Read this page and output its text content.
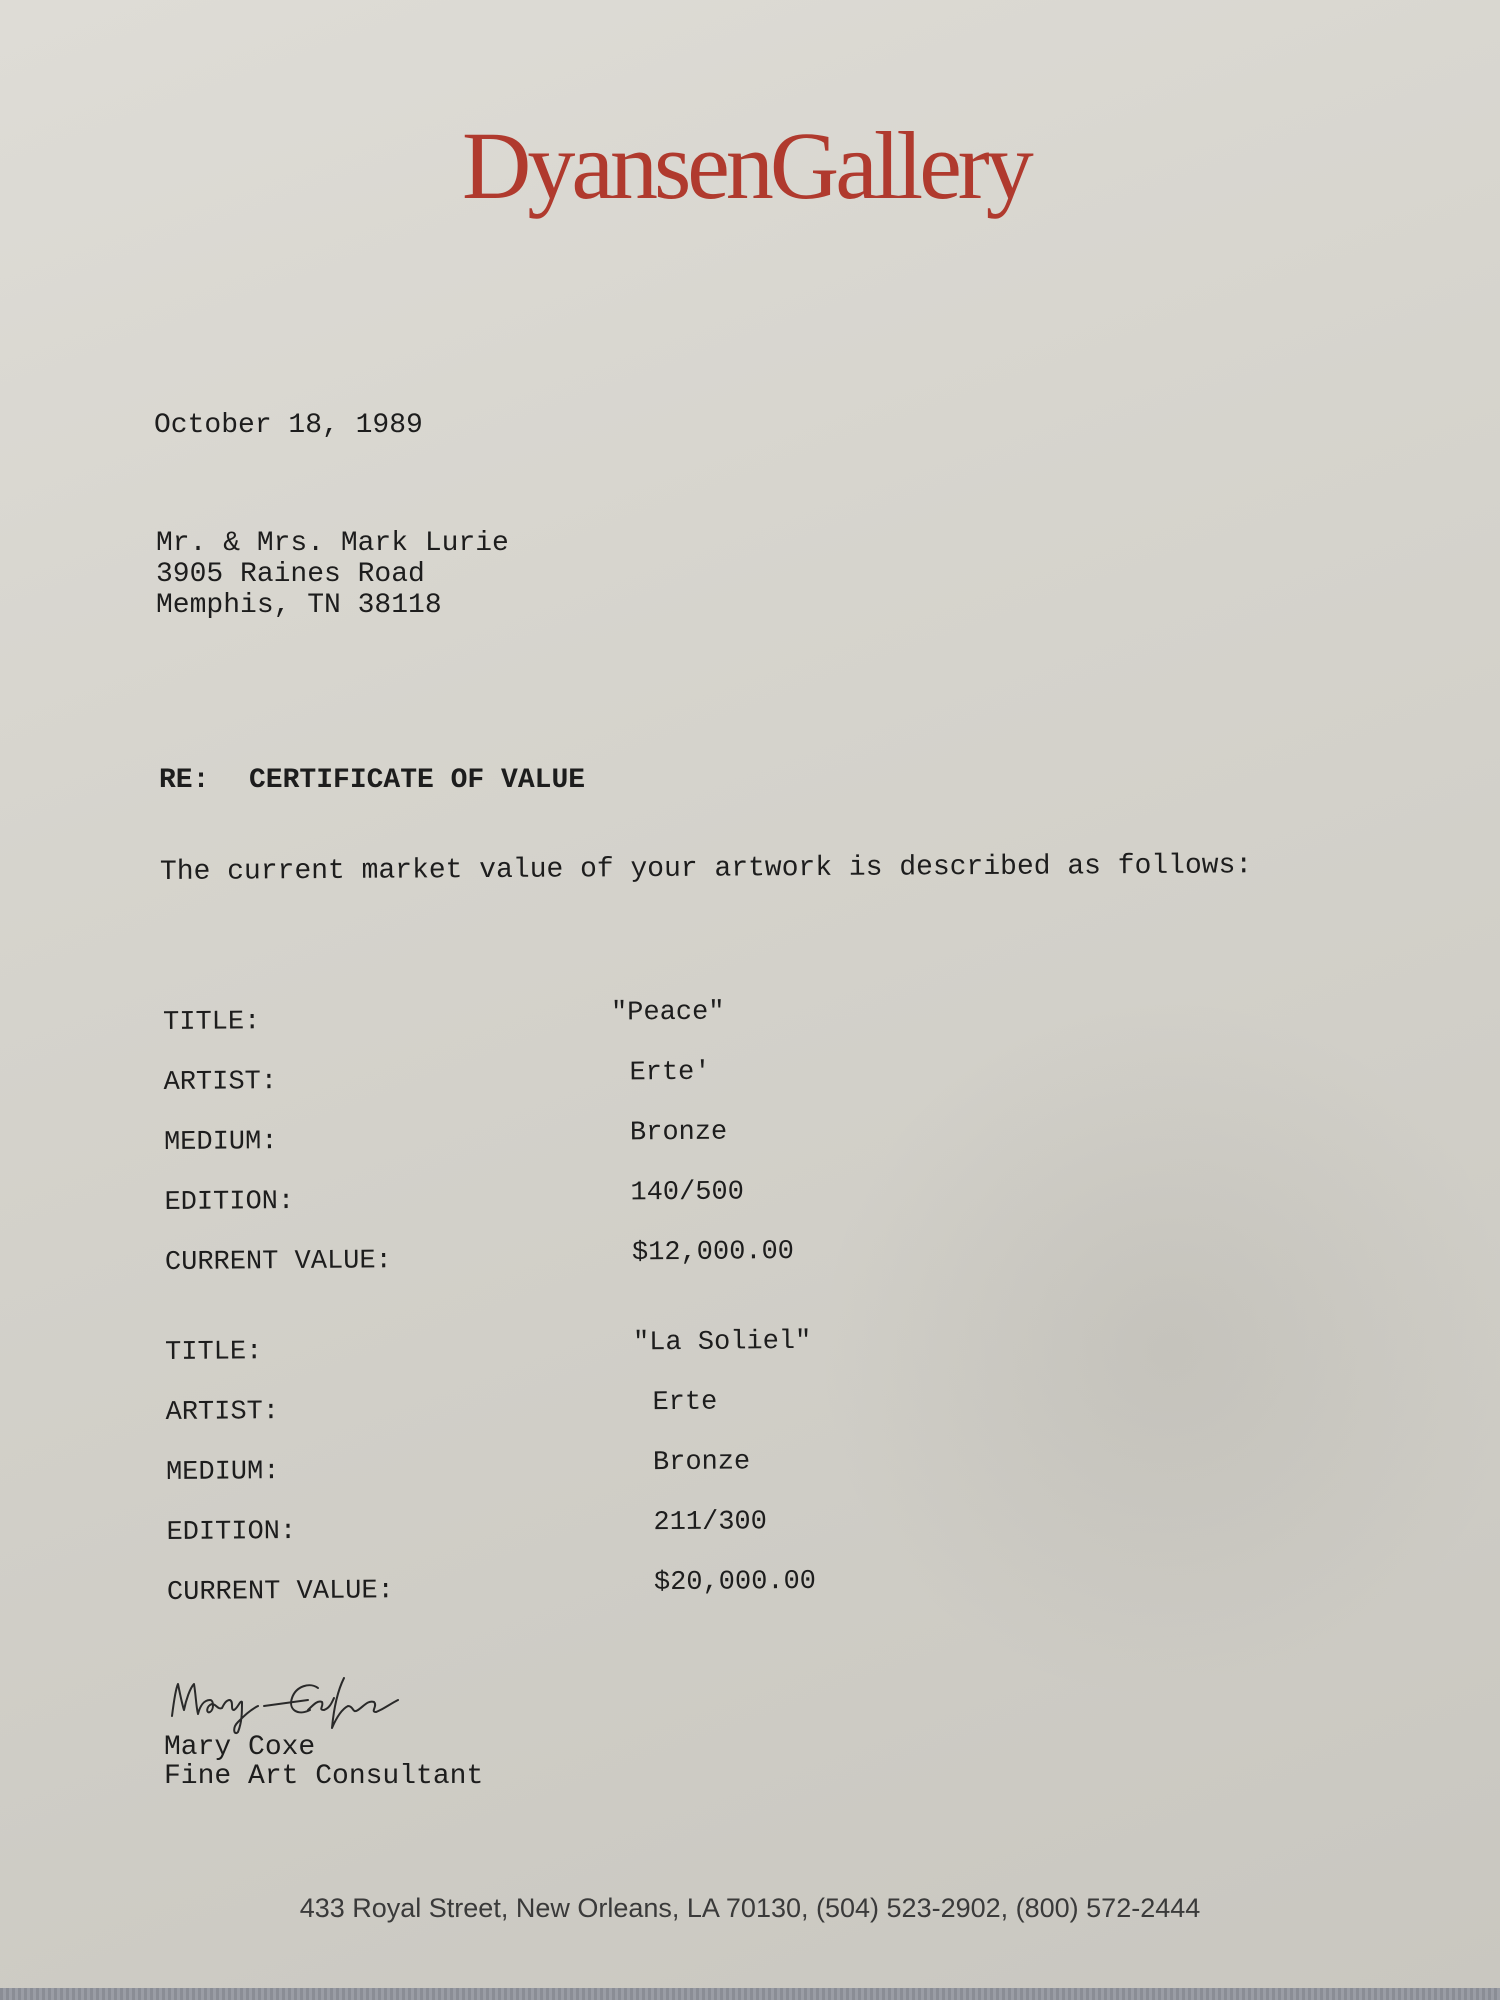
DyansenGallery
October 18, 1989
Mr. & Mrs. Mark Lurie
3905 Raines Road
Memphis, TN 38118
RE: CERTIFICATE OF VALUE
The current market value of your artwork is described as follows:
TITLE:	"Peace"
ARTIST:	Erte'
MEDIUM:	Bronze
EDITION:	140/500
CURRENT VALUE:	$12,000.00
TITLE:	"La Soliel"
ARTIST:	Erte
MEDIUM:	Bronze
EDITION:	211/300
CURRENT VALUE:	$20,000.00
Mary Coxe
Fine Art Consultant
433 Royal Street, New Orleans, LA 70130, (504) 523-2902, (800) 572-2444
